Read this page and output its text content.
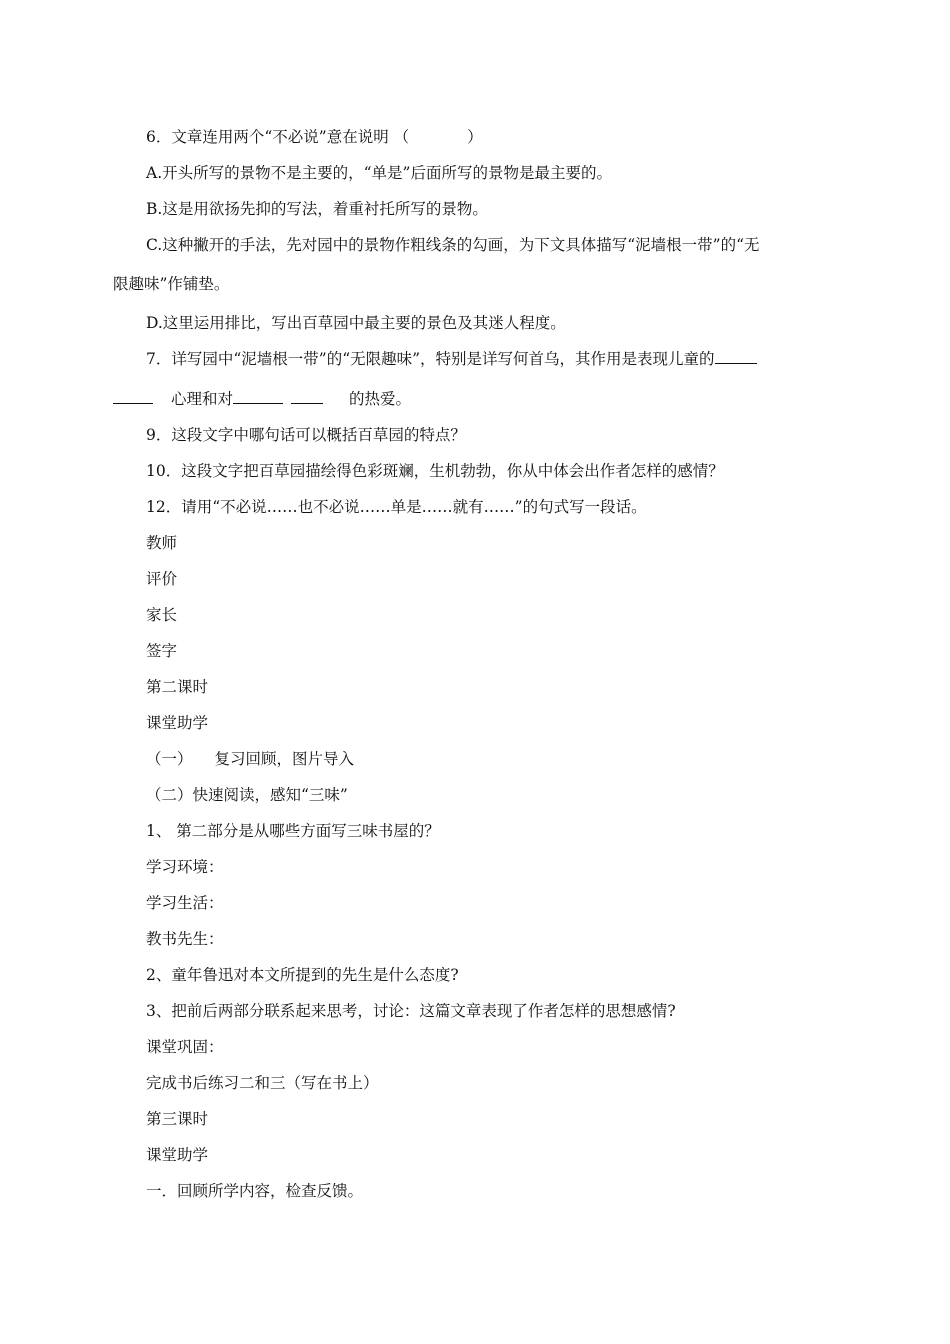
6．文章连用两个“不必说”意在说明 （	）
A.开头所写的景物不是主要的，“单是”后面所写的景物是最主要的。
B.这是用欲扬先抑的写法，着重衬托所写的景物。
C.这种撇开的手法，先对园中的景物作粗线条的勾画，为下文具体描写“泥墙根一带”的“无
限趣味”作铺垫。
D.这里运用排比，写出百草园中最主要的景色及其迷人程度。
7．详写园中“泥墙根一带”的“无限趣味”，特别是详写何首乌，其作用是表现儿童的
心理和对	的热爱。
9．这段文字中哪句话可以概括百草园的特点？
10．这段文字把百草园描绘得色彩斑斓，生机勃勃，你从中体会出作者怎样的感情？
12．请用“不必说……也不必说……单是……就有……”的句式写一段话。
教师
评价
家长
签字
第二课时
课堂助学
（一） 复习回顾，图片导入
（二）快速阅读，感知“三味”
1、 第二部分是从哪些方面写三味书屋的？
学习环境：
学习生活：
教书先生：
2、童年鲁迅对本文所提到的先生是什么态度?
3、把前后两部分联系起来思考，讨论：这篇文章表现了作者怎样的思想感情?
课堂巩固：
完成书后练习二和三（写在书上）
第三课时
课堂助学
一．回顾所学内容，检查反馈。
